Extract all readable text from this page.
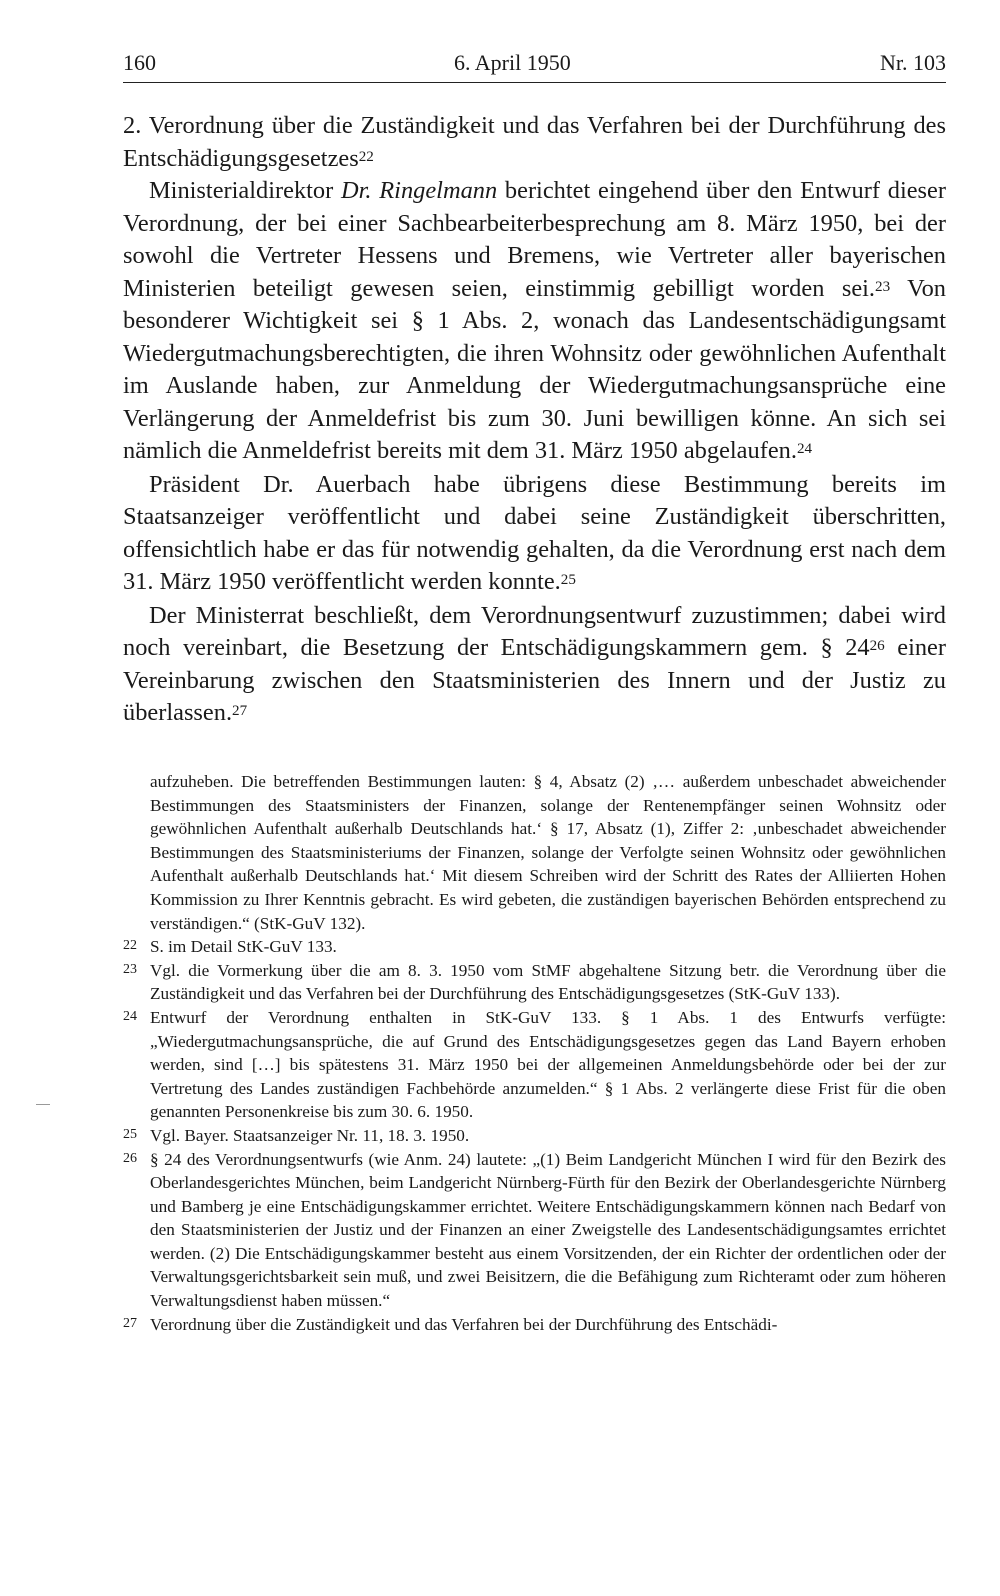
160	6. April 1950	Nr. 103

2. Verordnung über die Zuständigkeit und das Verfahren bei der Durchführung des Entschädigungsgesetzes$^{22}$

Ministerialdirektor Dr. Ringelmann berichtet eingehend über den Entwurf dieser Verordnung, der bei einer Sachbearbeiterbesprechung am 8. März 1950, bei der sowohl die Vertreter Hessens und Bremens, wie Vertreter aller bayerischen Ministerien beteiligt gewesen seien, einstimmig gebilligt worden sei.$^{23}$ Von besonderer Wichtigkeit sei § 1 Abs. 2, wonach das Landesentschädigungsamt Wiedergutmachungsberechtigten, die ihren Wohnsitz oder gewöhnlichen Aufenthalt im Auslande haben, zur Anmeldung der Wiedergutmachungsansprüche eine Verlängerung der Anmeldefrist bis zum 30. Juni bewilligen könne. An sich sei nämlich die Anmeldefrist bereits mit dem 31. März 1950 abgelaufen.$^{24}$

Präsident Dr. Auerbach habe übrigens diese Bestimmung bereits im Staatsanzeiger veröffentlicht und dabei seine Zuständigkeit überschritten, offensichtlich habe er das für notwendig gehalten, da die Verordnung erst nach dem 31. März 1950 veröffentlicht werden konnte.$^{25}$

Der Ministerrat beschließt, dem Verordnungsentwurf zuzustimmen; dabei wird noch vereinbart, die Besetzung der Entschädigungskammern gem. § $24^{26}$ einer Vereinbarung zwischen den Staatsministerien des Innern und der Justiz zu überlassen.$^{27}$

aufzuheben. Die betreffenden Bestimmungen lauten: § 4, Absatz (2) ‚… außerdem unbeschadet abweichender Bestimmungen des Staatsministers der Finanzen, solange der Rentenempfänger seinen Wohnsitz oder gewöhnlichen Aufenthalt außerhalb Deutschlands hat.‘ § 17, Absatz (1), Ziffer 2: ‚unbeschadet abweichender Bestimmungen des Staatsministeriums der Finanzen, solange der Verfolgte seinen Wohnsitz oder gewöhnlichen Aufenthalt außerhalb Deutschlands hat.‘ Mit diesem Schreiben wird der Schritt des Rates der Alliierten Hohen Kommission zu Ihrer Kenntnis gebracht. Es wird gebeten, die zuständigen bayerischen Behörden entsprechend zu verständigen.“ (StK-GuV 132).

22 S. im Detail StK-GuV 133.
23 Vgl. die Vormerkung über die am 8. 3. 1950 vom StMF abgehaltene Sitzung betr. die Verordnung über die Zuständigkeit und das Verfahren bei der Durchführung des Entschädigungsgesetzes (StK-GuV 133).
24 Entwurf der Verordnung enthalten in StK-GuV 133. § 1 Abs. 1 des Entwurfs verfügte: „Wiedergutmachungsansprüche, die auf Grund des Entschädigungsgesetzes gegen das Land Bayern erhoben werden, sind […] bis spätestens 31. März 1950 bei der allgemeinen Anmeldungsbehörde oder bei der zur Vertretung des Landes zuständigen Fachbehörde anzumelden.“ § 1 Abs. 2 verlängerte diese Frist für die oben genannten Personenkreise bis zum 30. 6. 1950.
25 Vgl. Bayer. Staatsanzeiger Nr. 11, 18. 3. 1950.
26 § 24 des Verordnungsentwurfs (wie Anm. 24) lautete: „(1) Beim Landgericht München I wird für den Bezirk des Oberlandesgerichtes München, beim Landgericht Nürnberg-Fürth für den Bezirk der Oberlandesgerichte Nürnberg und Bamberg je eine Entschädigungskammer errichtet. Weitere Entschädigungskammern können nach Bedarf von den Staatsministerien der Justiz und der Finanzen an einer Zweigstelle des Landesentschädigungsamtes errichtet werden. (2) Die Entschädigungskammer besteht aus einem Vorsitzenden, der ein Richter der ordentlichen oder der Verwaltungsgerichtsbarkeit sein muß, und zwei Beisitzern, die die Befähigung zum Richteramt oder zum höheren Verwaltungsdienst haben müssen.“
27 Verordnung über die Zuständigkeit und das Verfahren bei der Durchführung des Entschädi-
